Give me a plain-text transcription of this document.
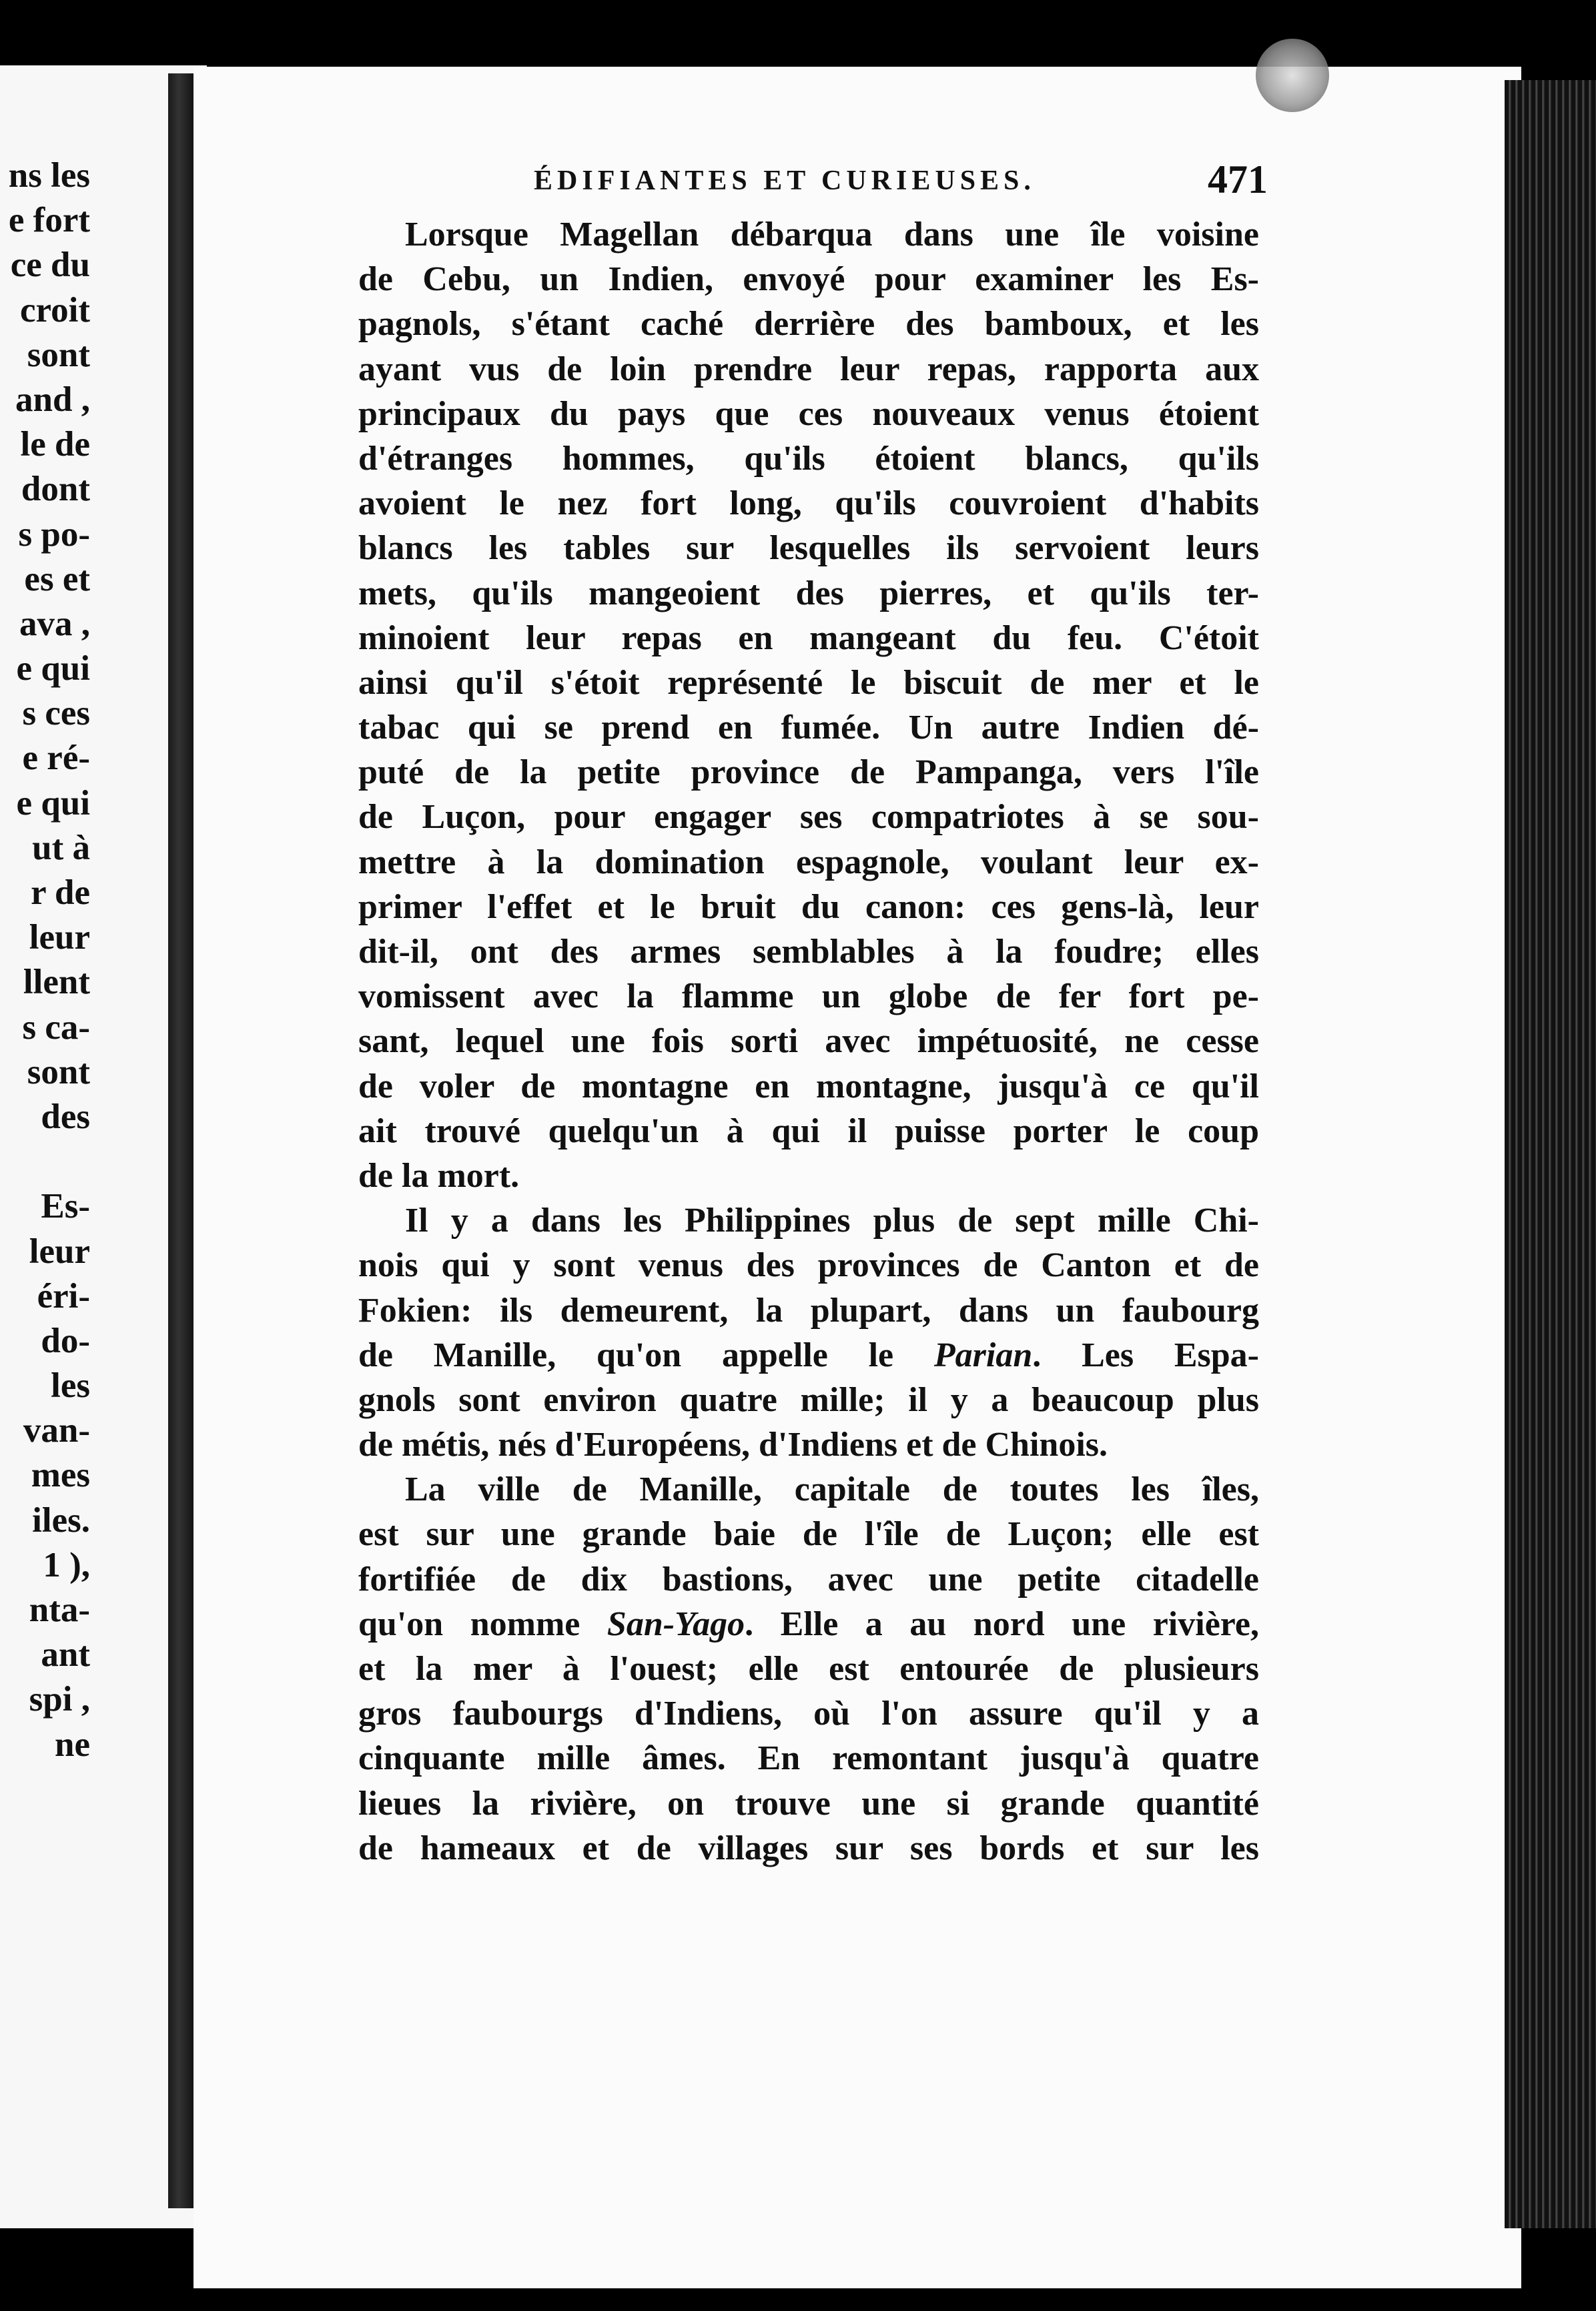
ns les
e fort
ce du
croit
sont
and ,
le de
dont
s po-
es et
ava ,
e qui
s ces
e ré-
e qui
ut à
r de
leur
llent
s ca-
sont
des
Es-
leur
éri-
do-
les
van-
mes
iles.
1 ),
nta-
ant
spi ,
ne
ÉDIFIANTES ET CURIEUSES.	471
Lorsque Magellan débarqua dans une île voisine
de Cebu, un Indien, envoyé pour examiner les Es-
pagnols, s'étant caché derrière des bamboux, et les
ayant vus de loin prendre leur repas, rapporta aux
principaux du pays que ces nouveaux venus étoient
d'étranges hommes, qu'ils étoient blancs, qu'ils
avoient le nez fort long, qu'ils couvroient d'habits
blancs les tables sur lesquelles ils servoient leurs
mets, qu'ils mangeoient des pierres, et qu'ils ter-
minoient leur repas en mangeant du feu. C'étoit
ainsi qu'il s'étoit représenté le biscuit de mer et le
tabac qui se prend en fumée. Un autre Indien dé-
puté de la petite province de Pampanga, vers l'île
de Luçon, pour engager ses compatriotes à se sou-
mettre à la domination espagnole, voulant leur ex-
primer l'effet et le bruit du canon: ces gens-là, leur
dit-il, ont des armes semblables à la foudre; elles
vomissent avec la flamme un globe de fer fort pe-
sant, lequel une fois sorti avec impétuosité, ne cesse
de voler de montagne en montagne, jusqu'à ce qu'il
ait trouvé quelqu'un à qui il puisse porter le coup
de la mort.
Il y a dans les Philippines plus de sept mille Chi-
nois qui y sont venus des provinces de Canton et de
Fokien: ils demeurent, la plupart, dans un faubourg
de Manille, qu'on appelle le Parian. Les Espa-
gnols sont environ quatre mille; il y a beaucoup plus
de métis, nés d'Européens, d'Indiens et de Chinois.
La ville de Manille, capitale de toutes les îles,
est sur une grande baie de l'île de Luçon; elle est
fortifiée de dix bastions, avec une petite citadelle
qu'on nomme San-Yago. Elle a au nord une rivière,
et la mer à l'ouest; elle est entourée de plusieurs
gros faubourgs d'Indiens, où l'on assure qu'il y a
cinquante mille âmes. En remontant jusqu'à quatre
lieues la rivière, on trouve une si grande quantité
de hameaux et de villages sur ses bords et sur les
